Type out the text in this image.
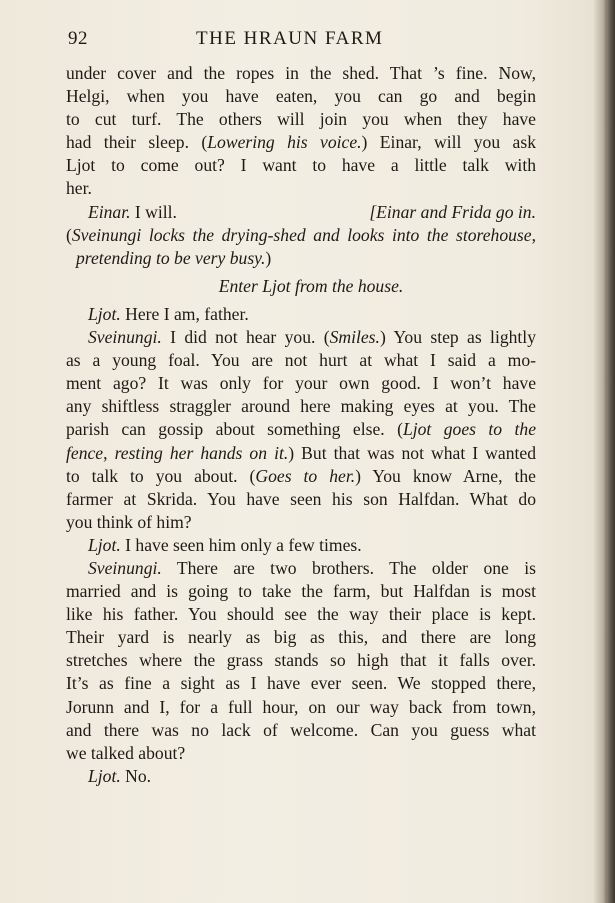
92	THE HRAUN FARM
under cover and the ropes in the shed. That ’s fine. Now,
Helgi, when you have eaten, you can go and begin
to cut turf. The others will join you when they have
had their sleep. (Lowering his voice.) Einar, will you ask
Ljot to come out? I want to have a little talk with
her.
Einar. I will.	[Einar and Frida go in.
(Sveinungi locks the drying-shed and looks into the storehouse,
pretending to be very busy.)
Enter Ljot from the house.
Ljot. Here I am, father.
Sveinungi. I did not hear you. (Smiles.) You step as lightly
as a young foal. You are not hurt at what I said a mo-
ment ago? It was only for your own good. I won’t have
any shiftless straggler around here making eyes at you. The
parish can gossip about something else. (Ljot goes to the
fence, resting her hands on it.) But that was not what I wanted
to talk to you about. (Goes to her.) You know Arne, the
farmer at Skrida. You have seen his son Halfdan. What do
you think of him?
Ljot. I have seen him only a few times.
Sveinungi. There are two brothers. The older one is
married and is going to take the farm, but Halfdan is most
like his father. You should see the way their place is kept.
Their yard is nearly as big as this, and there are long
stretches where the grass stands so high that it falls over.
It’s as fine a sight as I have ever seen. We stopped there,
Jorunn and I, for a full hour, on our way back from town,
and there was no lack of welcome. Can you guess what
we talked about?
Ljot. No.
